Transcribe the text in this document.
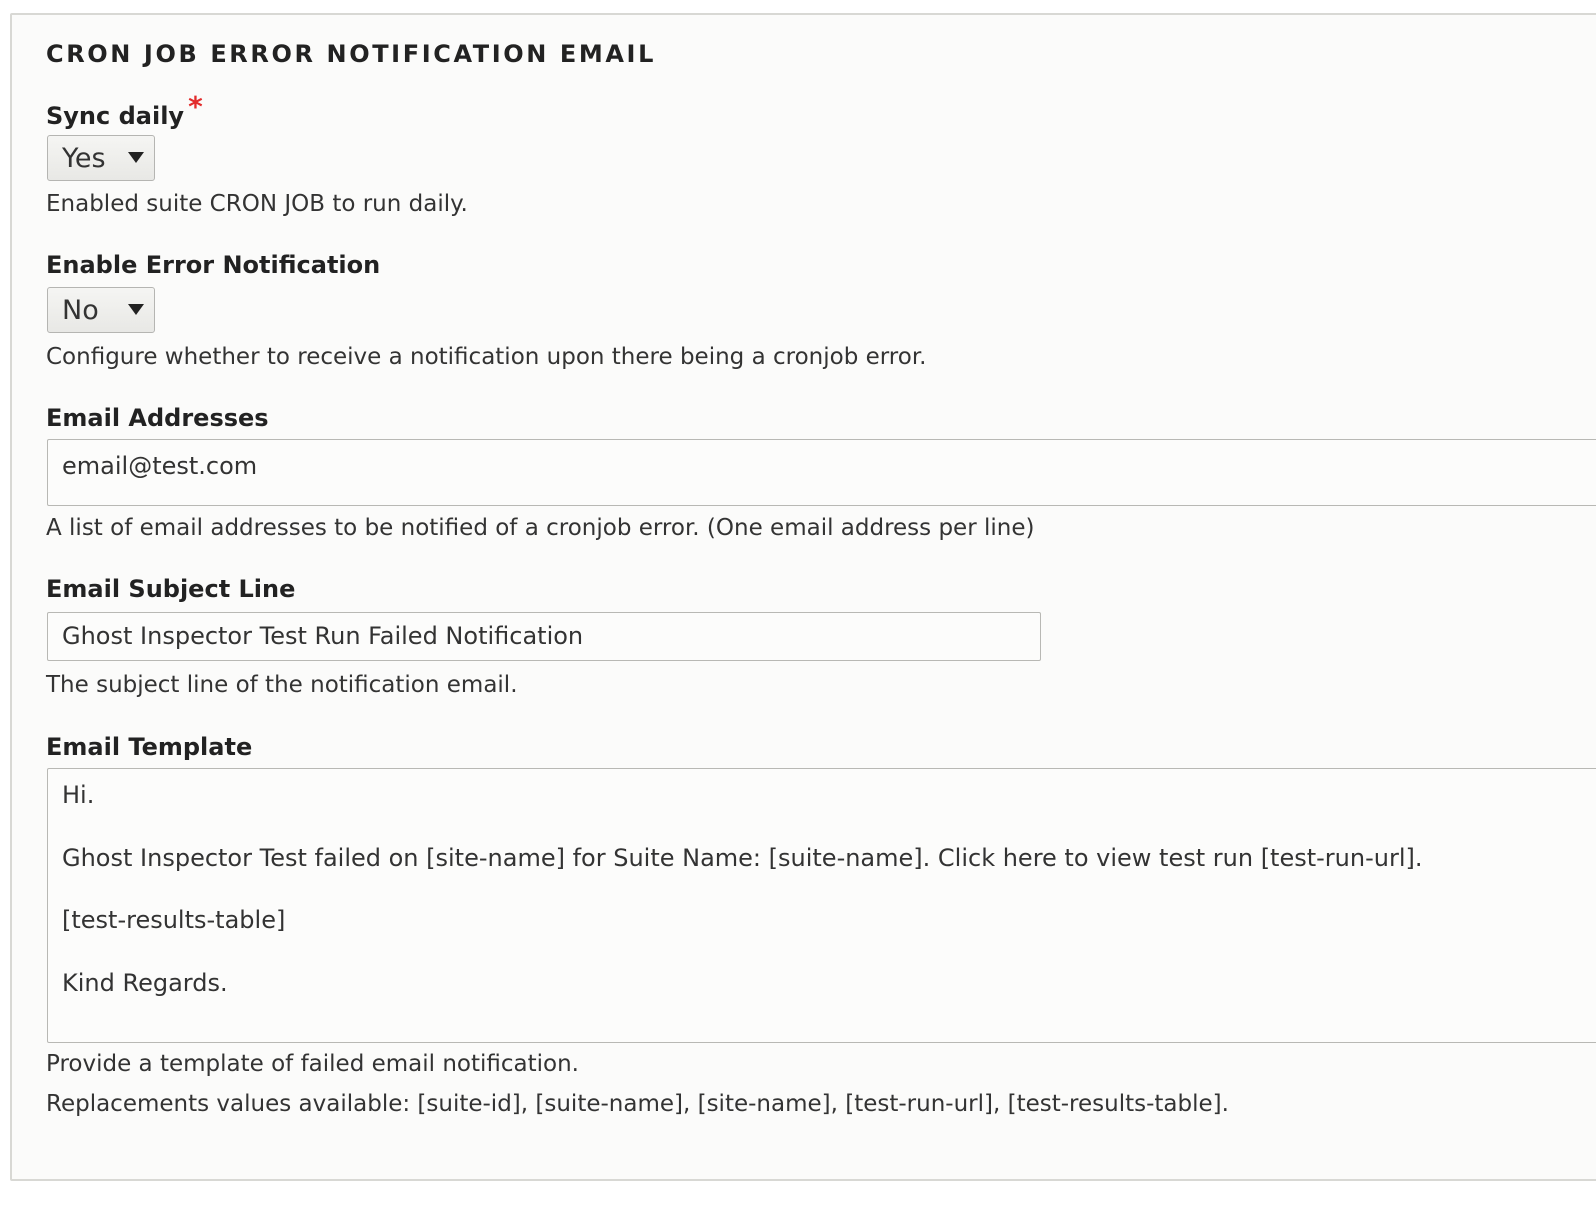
CRON JOB ERROR NOTIFICATION EMAIL
Sync daily *
Yes
Enabled suite CRON JOB to run daily.
Enable Error Notification
No
Configure whether to receive a notification upon there being a cronjob error.
Email Addresses
email@test.com
A list of email addresses to be notified of a cronjob error. (One email address per line)
Email Subject Line
Ghost Inspector Test Run Failed Notification
The subject line of the notification email.
Email Template
Hi.
Ghost Inspector Test failed on [site-name] for Suite Name: [suite-name]. Click here to view test run [test-run-url].
[test-results-table]
Kind Regards.
Provide a template of failed email notification.
Replacements values available: [suite-id], [suite-name], [site-name], [test-run-url], [test-results-table].
